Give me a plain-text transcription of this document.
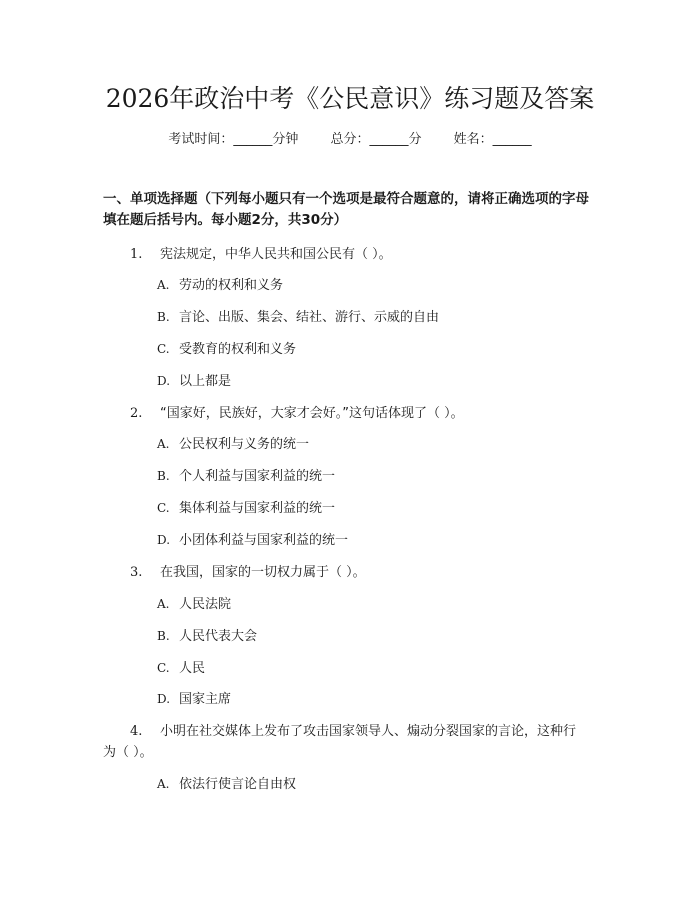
2026年政治中考《公民意识》练习题及答案
考试时间：______分钟 总分：______分 姓名：______
一、单项选择题（下列每小题只有一个选项是最符合题意的，请将正确选项的字母填在题后括号内。每小题2分，共30分）
1. 宪法规定，中华人民共和国公民有（ ）。
A. 劳动的权利和义务
B. 言论、出版、集会、结社、游行、示威的自由
C. 受教育的权利和义务
D. 以上都是
2. “国家好，民族好，大家才会好。”这句话体现了（ ）。
A. 公民权利与义务的统一
B. 个人利益与国家利益的统一
C. 集体利益与国家利益的统一
D. 小团体利益与国家利益的统一
3. 在我国，国家的一切权力属于（ ）。
A. 人民法院
B. 人民代表大会
C. 人民
D. 国家主席
4. 小明在社交媒体上发布了攻击国家领导人、煽动分裂国家的言论，这种行
为（ ）。
A. 依法行使言论自由权
